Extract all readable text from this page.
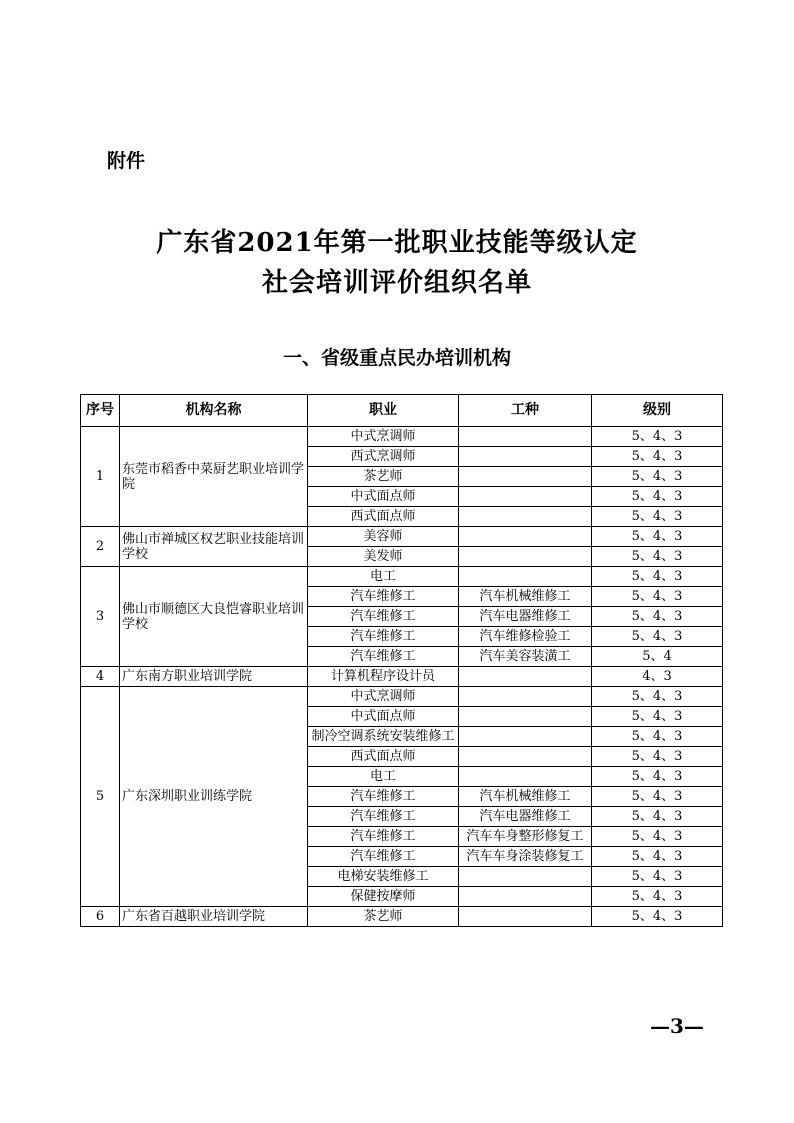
附件
广东省2021年第一批职业技能等级认定
社会培训评价组织名单
一、省级重点民办培训机构
序号	机构名称	职业	工种	级别
1	东莞市稻香中菜厨艺职业培训学院	中式烹调师		5、4、3
		西式烹调师		5、4、3
		茶艺师		5、4、3
		中式面点师		5、4、3
		西式面点师		5、4、3
2	佛山市禅城区权艺职业技能培训学校	美容师		5、4、3
		美发师		5、4、3
3	佛山市顺德区大良恺睿职业培训学校	电工		5、4、3
		汽车维修工	汽车机械维修工	5、4、3
		汽车维修工	汽车电器维修工	5、4、3
		汽车维修工	汽车维修检验工	5、4、3
		汽车维修工	汽车美容装潢工	5、4
4	广东南方职业培训学院	计算机程序设计员		4、3
5	广东深圳职业训练学院	中式烹调师		5、4、3
		中式面点师		5、4、3
		制冷空调系统安装维修工		5、4、3
		西式面点师		5、4、3
		电工		5、4、3
		汽车维修工	汽车机械维修工	5、4、3
		汽车维修工	汽车电器维修工	5、4、3
		汽车维修工	汽车车身整形修复工	5、4、3
		汽车维修工	汽车车身涂装修复工	5、4、3
		电梯安装维修工		5、4、3
		保健按摩师		5、4、3
6	广东省百越职业培训学院	茶艺师		5、4、3
—3—
